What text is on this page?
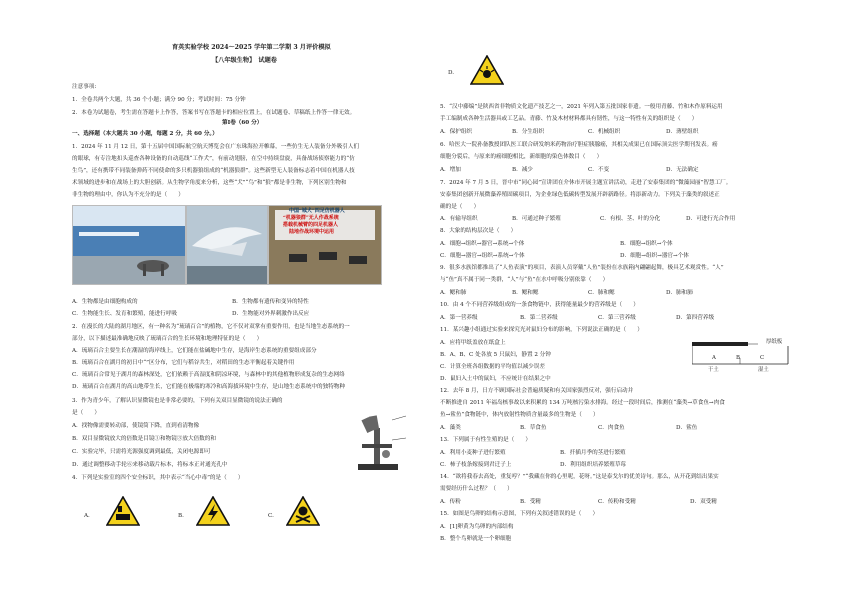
育英实验学校 2024～2025 学年第二学期 3 月评价模拟
【八年级生物】　试题卷
注意事项:
1．全卷共两个大题，共 36 个小题；满分 90 分；考试时间：75 分钟
2．本卷为试题卷，考生需在答题卡上作答，答案书写在答题卡的相应位置上，在试题卷、草稿纸上作答一律无效。
第Ⅰ卷（60 分）
一、选择题（本大题共 30 小题，每题 2 分，共 60 分。）
1．2024 年 11 月 12 日，第十五届中国国际航空航天博览会在广东珠海拉开帷幕，一些仿生无人装备分外吸引人们
的眼球，有专注地扣头巡查各种设备的自动巡线“工作犬”，有前动翅膀，在空中持续盘旋，具备战场侦察能力的“仿
生鸟”，还有携带不同装备弹药不同使命的多只机器狼组成的“机器狼群”。这些新型无人装备标志着中国在机器人技
术领域的进步和在战场上的大胆创新。从生物学角度来分析，这些“犬”“鸟”和“狼”都是非生物，下列区别生物和
非生物的理由中，你认为不充分的是（　　）
中国“城犬”四足仿机器人
“机器狼群”无人作战系统
搭载机械臂的四足机器人
陆地作战环境中运用
A．生物都是由细胞构成的	B．生物都有遗传和变异的特性
C．生物能生长、发育和繁殖，能进行呼吸	D．生物能对外界刺激作出反应
2．在漫长的大陆的湖月地区，有一种名为“琉璃百合”的植物，它不仅对双掌有重要作用，也是当地生态系统的一
部分，以下描述最准确地反映了琉璃百合的生长环境和地理特征的是（　　）
A．琉璃百合主要生长在潮湿的海岸线上，它们能在盐碱地中生存，是海岸生态系统的重要组成部分
B．琉璃百合在湖月的初日中“”区分布，它们与稻谷共生，对稻田的生态平衡起着关键作用
C．琉璃百合常见于湖月的森林深处，它们依赖于高湿度和阴凉环境，与森林中的其他植物形成复杂的生态网络
D．琉璃百合在湖月的高山地带生长，它们能在极端的寒冷和高海拔环境中生存，是山地生态系统中的独特物种
3．作为青少年，了解认识显微镜也是非常必要的，下列有关双目显微镜的说法正确的
是（　　）
A．找物像需要转动部，使镜筒下降，直到看清物像
B．双目显微镜放大的倍数是目镜①和物镜③放大倍数的和
C．实验完毕，只需将光源强度调到最低，关闭电源即可
D．通过调整移动手轮⑥来移动载片标本，将标本正对通光孔中
4．下列是实验室的四个安全标识，其中表示“当心中毒”的是（　　）
A.	B.	C.
D.
5．“汉中藤编”是陕西省非物质文化遗产技艺之一，2021 年列入第五批国家非遗。一般用青藤、竹和木作原料运用
手工编制成各种生活器具或工艺品。青藤、竹及木材材料都具有韧性，与这一特性有关的组织是（　　）
A．保护组织	B．分生组织	C．机械组织	D．薄壁组织
6．哈医大一院孙备教授团队医工联合研发纳米药物治疗胆症胰腺癌，其相关成果已在国际顶尖医学期刊发表。癌
细胞分裂后，与原来的癌细胞相比，新细胞的染色体数目（　　）
A．增加	B．减少	C．不变	D．无法确定
7．2024 年 7 月 5 日，晋中市“同心园”宣讲团在介休市开展主题宣讲活动，走进了安泰集团的“微藻园丽”智慧工厂。
安泰集团创新开展微藻养殖固碳项目，为企业绿色低碳转型发展开辟新路径。将添新动力。下列关于藻类的叙述正
确的是（　　）
A．有输导组织	B．可通过种子繁殖	C．有根、茎、叶的分化	D．可进行光合作用
8．大象的结构层次是（　　）
A．细胞→组织→器官→系统→个体	B．细胞→组织→个体
C．细胞→器官→组织→系统→个体	D．细胞→组织→器官→个体
9．很多水族馆都推出了“人鱼表演”的项目，表演人员穿戴“人鱼”装扮在水族箱内翩翩起舞，极具艺术观赏性。“人”
与“鱼”真不属于同一类群，“人”与“鱼”在水中呼吸分别依靠（　　）
A．鳃和肺	B．鳃和鳃	C．肺和鳃	D．肺和肺
10．由 4 个不同营养级组成的一条食物链中，获得能量最少的营养级是（　　）
A．第一营养级	B．第二营养级	C．第三营养级	D．第四营养级
11．某兴趣小组通过实验来探究光对鼠妇分布的影响，下列说法正确的是（　　）
A．应将甲纸盖放在纸盒上
B．A、B、C 处各放 5 只鼠妇，静置 2 分钟
C．计算全班各组数据的平均值以减少误差
D．鼠妇入土中的鼠妇，不应统计在结果之中
厚纸板
A	B	C
干土	湿土
12．去年 8 月，日方不顾国际社会普遍质疑和有关国家强烈反对，强行启动并
不断推进自 2011 年福岛核事故以来积累的 134 万吨核污染水排海。经过一段时间后，推测在“藻类→草食鱼→肉食
鱼→鲨鱼”食物链中，体内放射性物质含量最多的生物是（　　）
A．藻类	B．草食鱼	C．肉食鱼	D．鲨鱼
13．下列属于有性生殖的是（　　）
A．利用小麦种子进行繁殖	B．扦插月季的茎进行繁殖
C．柿子枝条嫁接到君迁子上	D．利用组织培养繁殖草莓
14．“欲将我春去高处，重复哼？”“我藏在你的心里呢，花呀。”这是泰戈尔的优美诗句。那么，从开花到结出果实
需要经历什么过程？（　　）
A．传粉	B．受精	C．传粉和受精	D．双受精
15．如图是鸟卵的结构示意图，下列有关叙述错误的是（　　）
A．[1]卵黄为鸟卵的内部结构
B．整个鸟卵就是一个卵细胞
